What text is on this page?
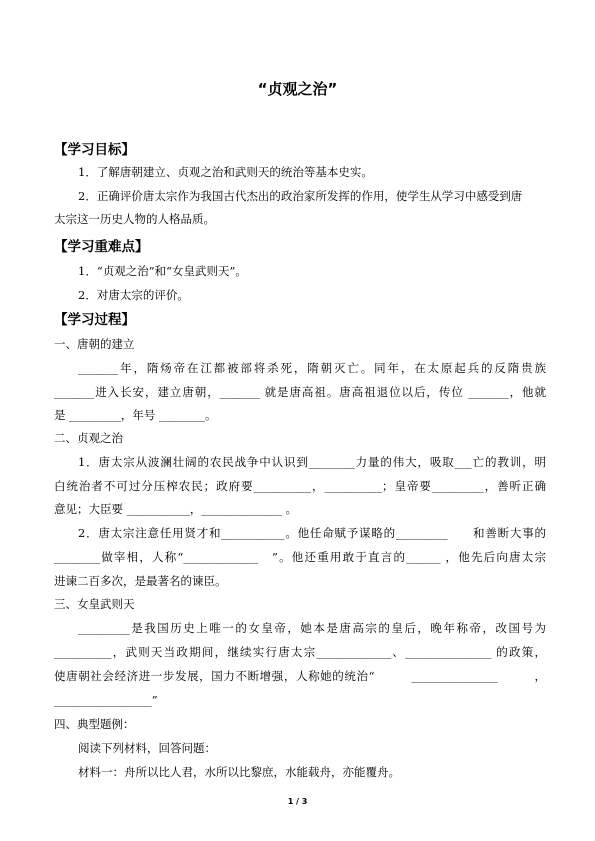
“贞观之治”
【学习目标】
1．了解唐朝建立、贞观之治和武则天的统治等基本史实。
2．正确评价唐太宗作为我国古代杰出的政治家所发挥的作用，使学生从学习中感受到唐
太宗这一历史人物的人格品质。
【学习重难点】
1．“贞观之治”和“女皇武则天”。
2．对唐太宗的评价。
【学习过程】
一、唐朝的建立
_______年，隋炀帝在江都被部将杀死，隋朝灭亡。同年，在太原起兵的反隋贵族
_______进入长安，建立唐朝，_______ 就是唐高祖。唐高祖退位以后，传位 _______，他就
是 _________，年号 ________。
二、贞观之治
1．唐太宗从波澜壮阔的农民战争中认识到________力量的伟大，吸取___亡的教训，明
白统治者不可过分压榨农民；政府要__________，__________；皇帝要_________，善听正确
意见；大臣要 ___________，______________ 。
2．唐太宗注意任用贤才和___________。他任命赋予谋略的_________　　和善断大事的
________做宰相，人称“_____________　”。他还重用敢于直言的______ ，他先后向唐太宗
进谏二百多次，是最著名的谏臣。
三、女皇武则天
_________是我国历史上唯一的女皇帝，她本是唐高宗的皇后，晚年称帝，改国号为
__________，武则天当政期间，继续实行唐太宗_____________、_______________ 的政策，
使唐朝社会经济进一步发展，国力不断增强，人称她的统治“　　　_______________　　　，
_________________”
四、典型题例：
阅读下列材料，回答问题：
材料一：舟所以比人君，水所以比黎庶，水能载舟，亦能覆舟。
1 / 3
